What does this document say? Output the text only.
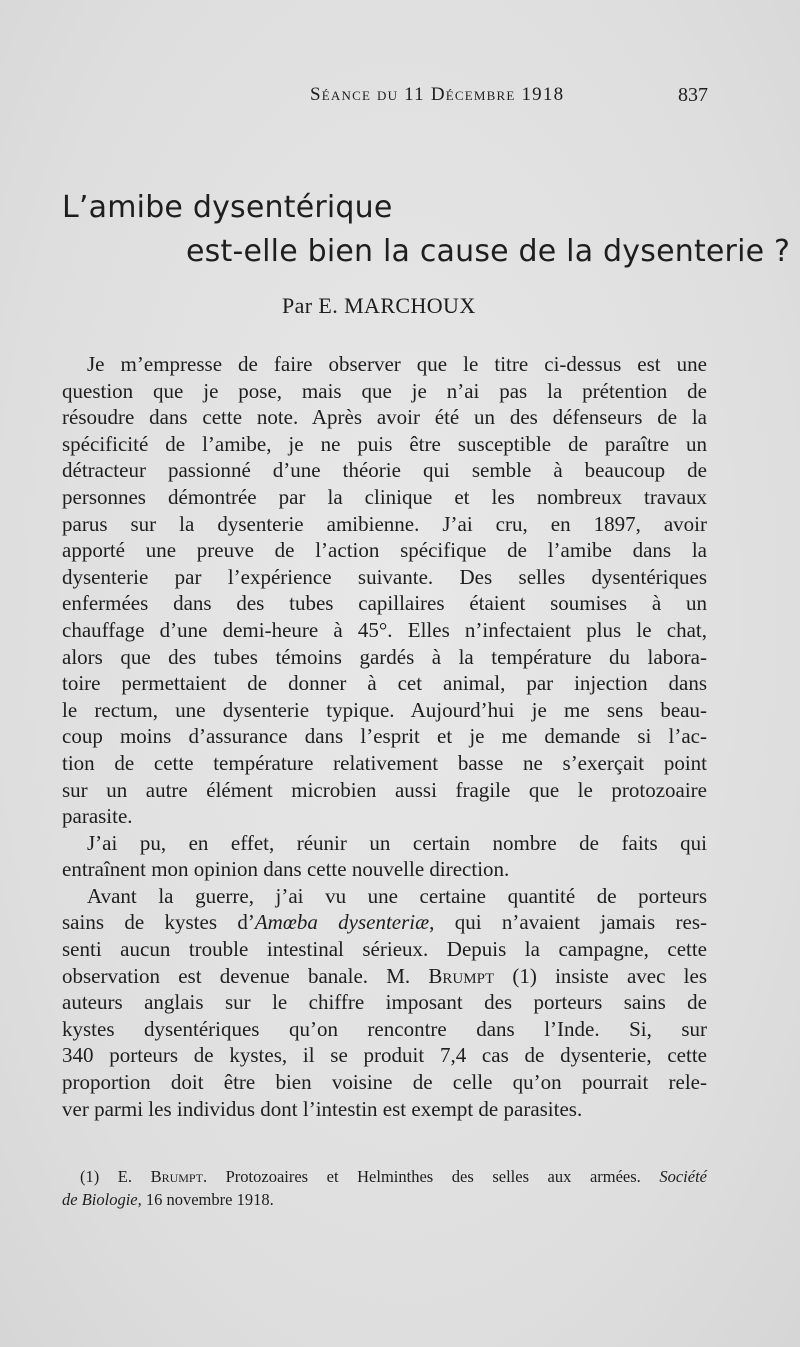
Séance du 11 Décembre 1918	837
L’amibe dysentérique
est-elle bien la cause de la dysenterie ?
Par E. MARCHOUX
Je m’empresse de faire observer que le titre ci-dessus est une
question que je pose, mais que je n’ai pas la prétention de
résoudre dans cette note. Après avoir été un des défenseurs de la
spécificité de l’amibe, je ne puis être susceptible de paraître un
détracteur passionné d’une théorie qui semble à beaucoup de
personnes démontrée par la clinique et les nombreux travaux
parus sur la dysenterie amibienne. J’ai cru, en 1897, avoir
apporté une preuve de l’action spécifique de l’amibe dans la
dysenterie par l’expérience suivante. Des selles dysentériques
enfermées dans des tubes capillaires étaient soumises à un
chauffage d’une demi-heure à 45°. Elles n’infectaient plus le chat,
alors que des tubes témoins gardés à la température du labora-
toire permettaient de donner à cet animal, par injection dans
le rectum, une dysenterie typique. Aujourd’hui je me sens beau-
coup moins d’assurance dans l’esprit et je me demande si l’ac-
tion de cette température relativement basse ne s’exerçait point
sur un autre élément microbien aussi fragile que le protozoaire
parasite.
J’ai pu, en effet, réunir un certain nombre de faits qui
entraînent mon opinion dans cette nouvelle direction.
Avant la guerre, j’ai vu une certaine quantité de porteurs
sains de kystes d’Amœba dysenteriæ, qui n’avaient jamais res-
senti aucun trouble intestinal sérieux. Depuis la campagne, cette
observation est devenue banale. M. Brumpt (1) insiste avec les
auteurs anglais sur le chiffre imposant des porteurs sains de
kystes dysentériques qu’on rencontre dans l’Inde. Si, sur
340 porteurs de kystes, il se produit 7,4 cas de dysenterie, cette
proportion doit être bien voisine de celle qu’on pourrait rele-
ver parmi les individus dont l’intestin est exempt de parasites.
(1) E. Brumpt. Protozoaires et Helminthes des selles aux armées. Société
de Biologie, 16 novembre 1918.
